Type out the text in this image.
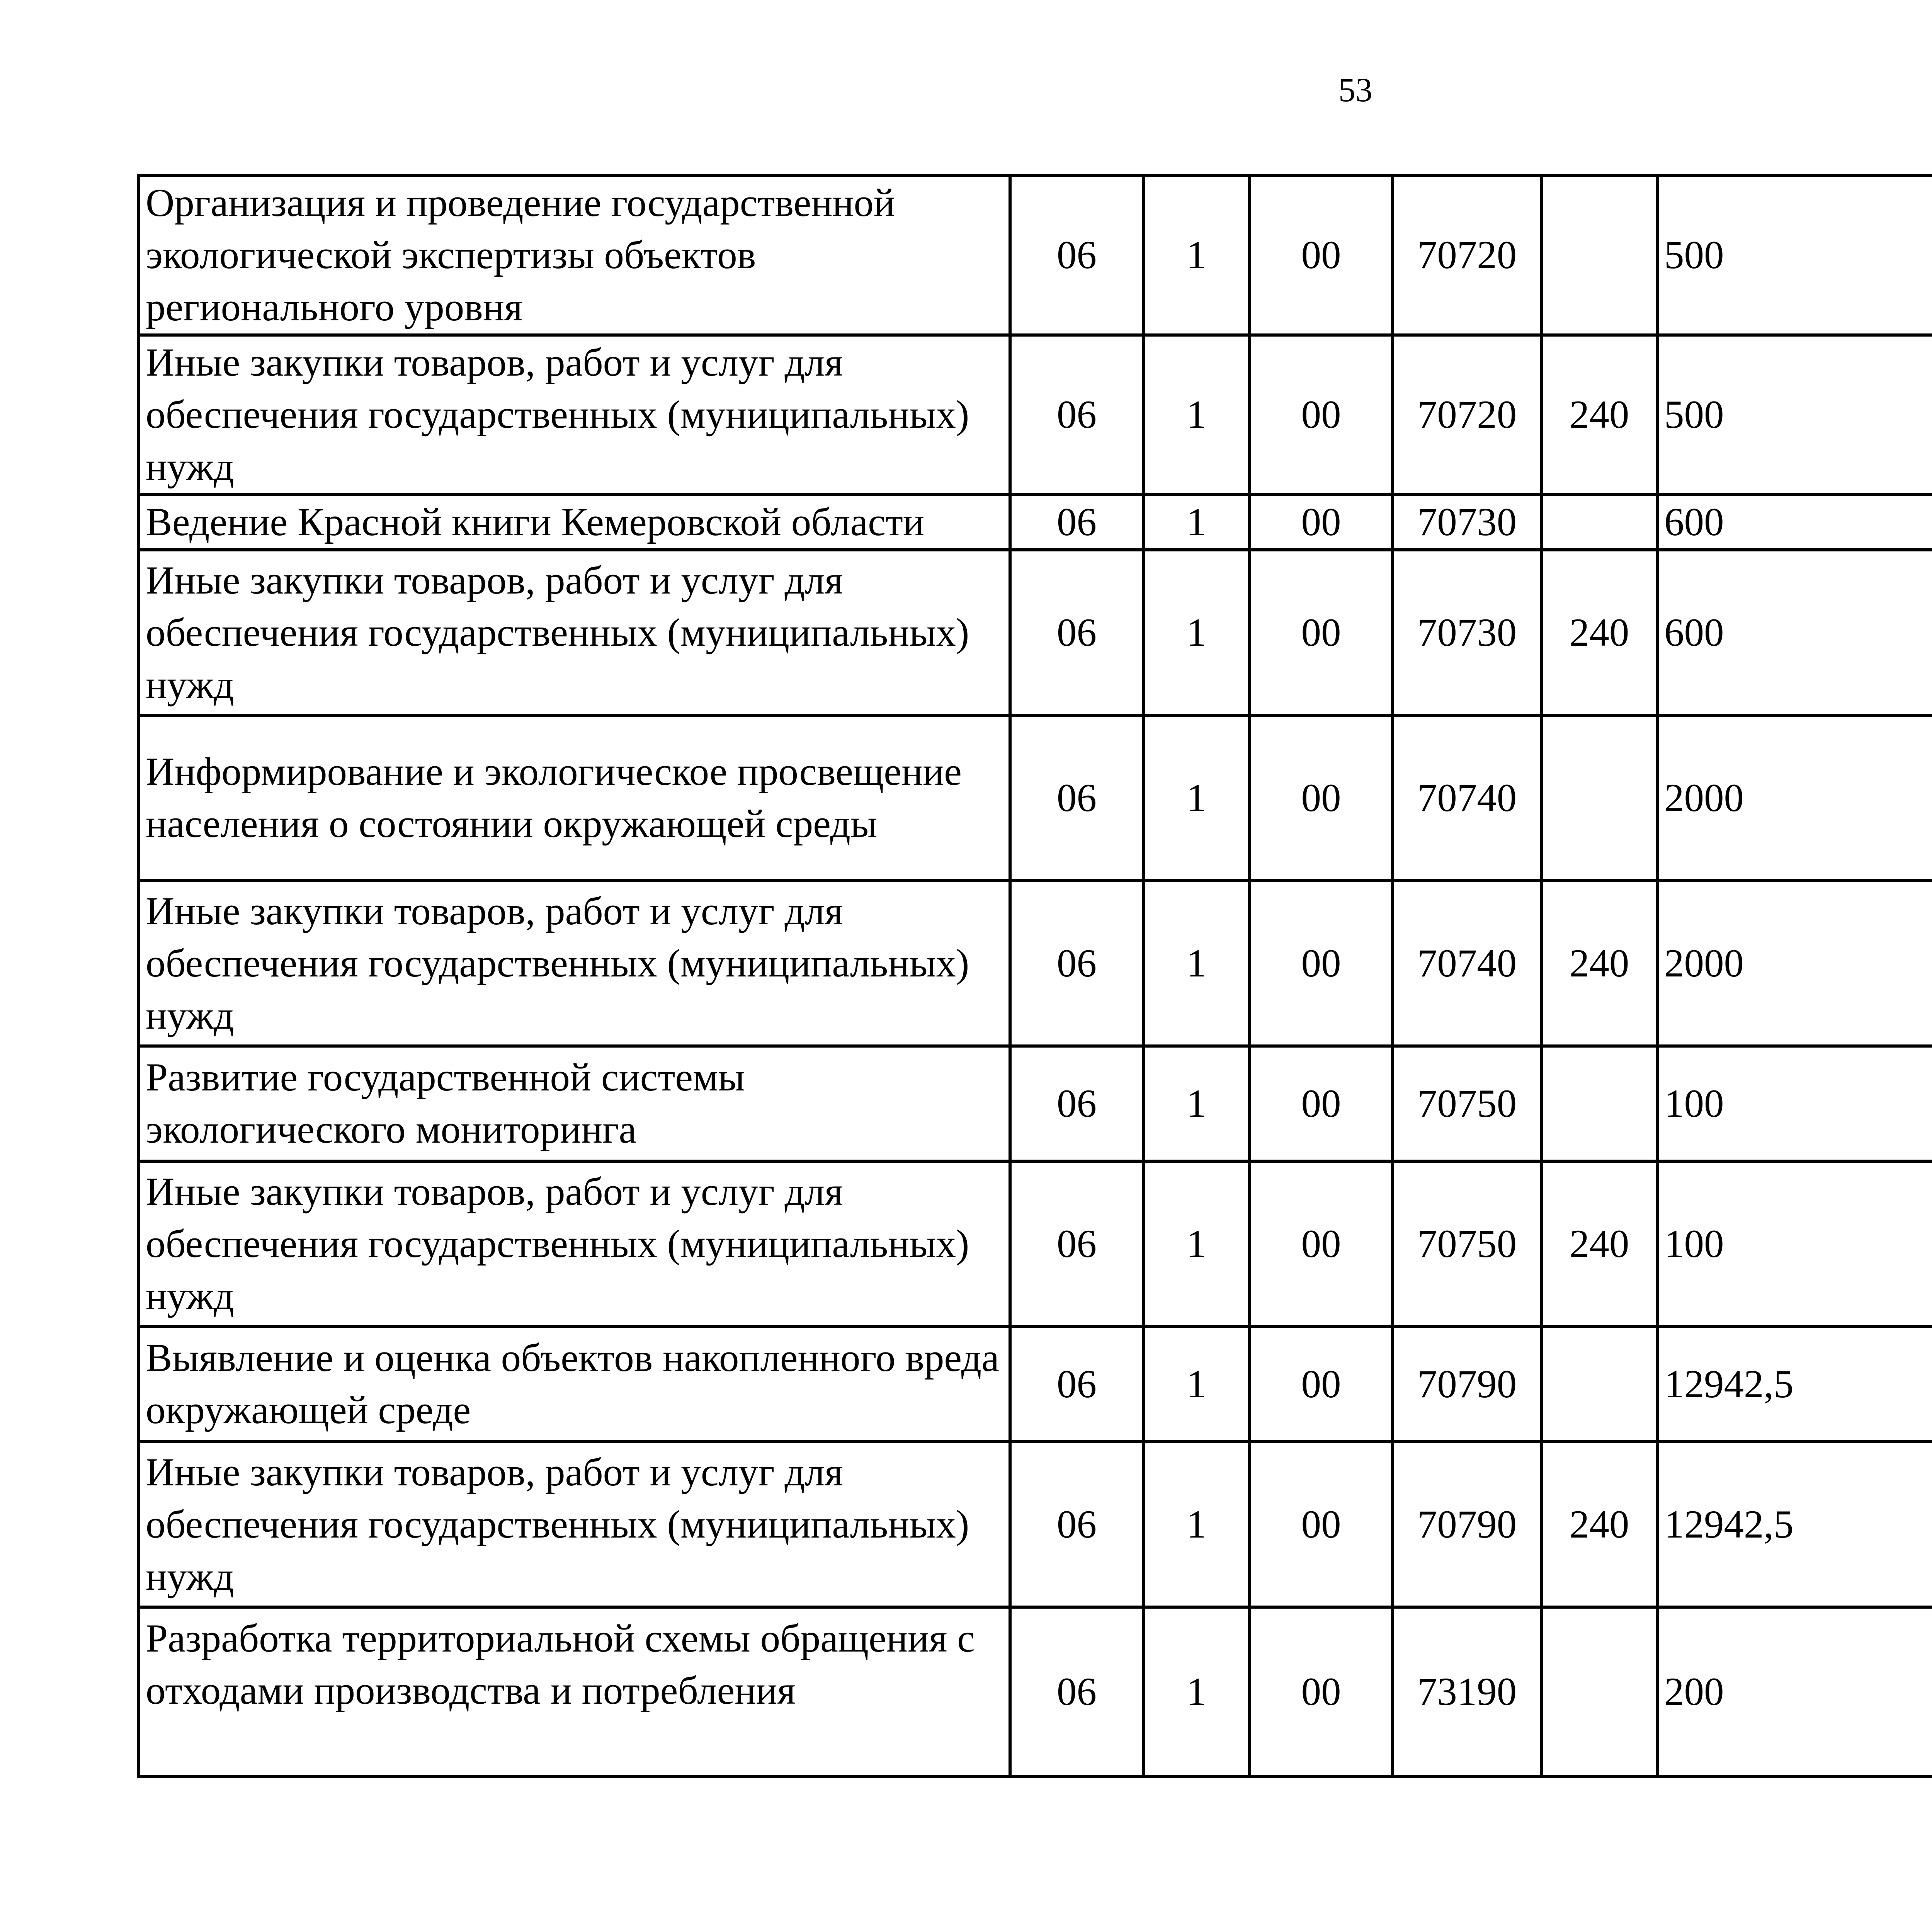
53
Организация и проведение государственной экологической экспертизы объектов регионального уровня	06	1	00	70720		500		
Иные закупки товаров, работ и услуг для обеспечения государственных (муниципальных) нужд	06	1	00	70720	240	500		
Ведение Красной книги Кемеровской области	06	1	00	70730		600		
Иные закупки товаров, работ и услуг для обеспечения государственных (муниципальных) нужд	06	1	00	70730	240	600		
Информирование и экологическое просвещение населения о состоянии окружающей среды	06	1	00	70740		2000		
Иные закупки товаров, работ и услуг для обеспечения государственных (муниципальных) нужд	06	1	00	70740	240	2000		
Развитие государственной системы экологического мониторинга	06	1	00	70750		100		
Иные закупки товаров, работ и услуг для обеспечения государственных (муниципальных) нужд	06	1	00	70750	240	100		
Выявление и оценка объектов накопленного вреда окружающей среде	06	1	00	70790		12942,5		
Иные закупки товаров, работ и услуг для обеспечения государственных (муниципальных) нужд	06	1	00	70790	240	12942,5		
Разработка территориальной схемы обращения с отходами производства и потребления	06	1	00	73190		200		
